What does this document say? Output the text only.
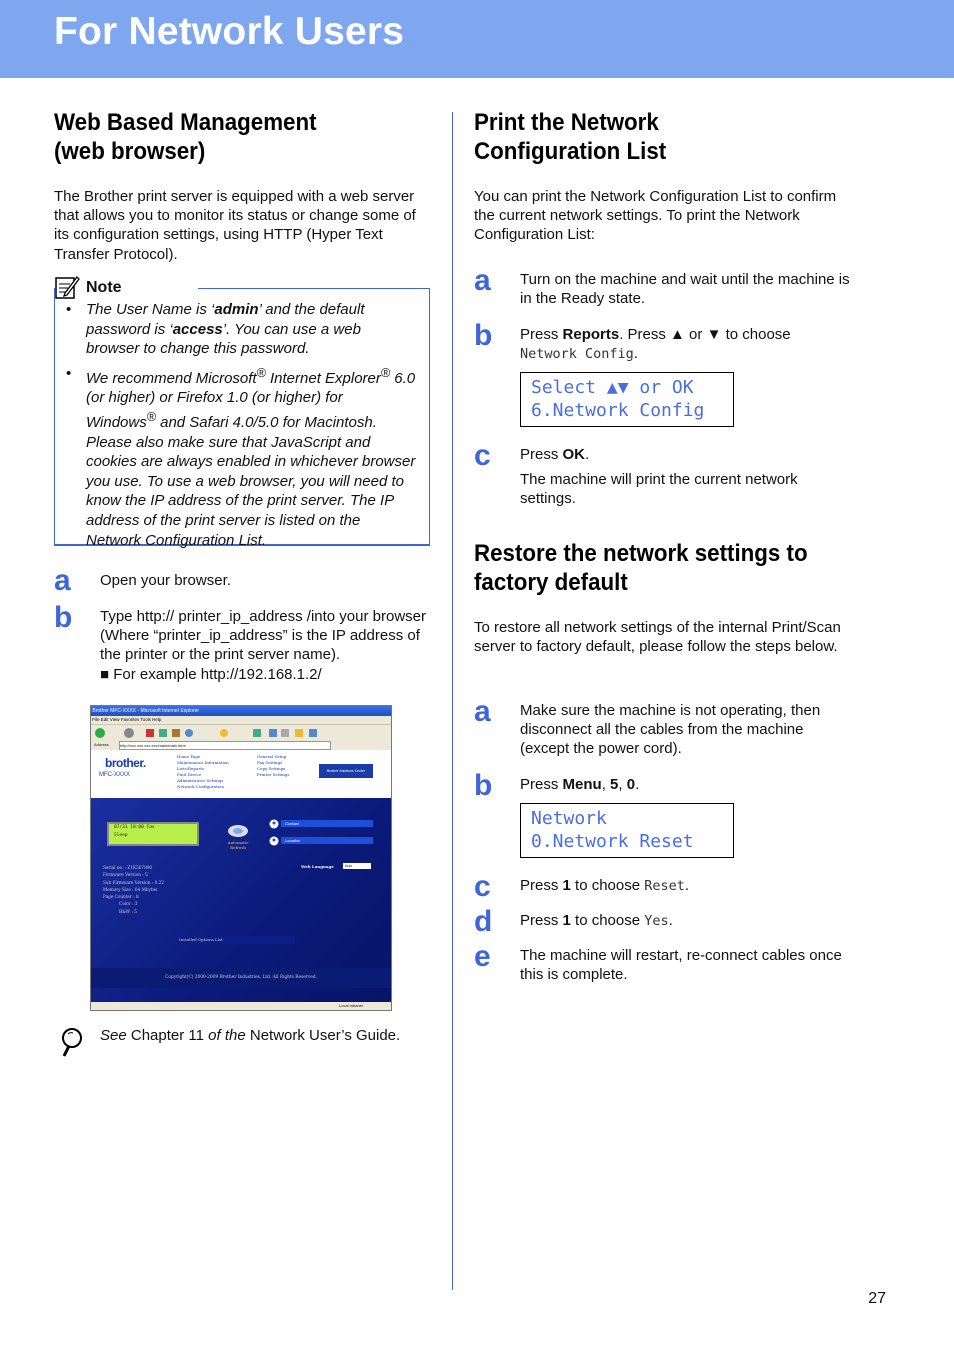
For Network Users
Web Based Management
(web browser)

The Brother print server is equipped with a web server that allows you to monitor its status or change some of its configuration settings, using HTTP (Hyper Text Transfer Protocol).

Note
• The User Name is ‘admin’ and the default password is ‘access’. You can use a web browser to change this password.
• We recommend Microsoft® Internet Explorer® 6.0 (or higher) or Firefox 1.0 (or higher) for Windows® and Safari 4.0/5.0 for Macintosh. Please also make sure that JavaScript and cookies are always enabled in whichever browser you use. To use a web browser, you will need to know the IP address of the print server. The IP address of the print server is listed on the Network Configuration List.
a Open your browser.
b Type http:// printer_ip_address /into your browser (Where “printer_ip_address” is the IP address of the printer or the print server name).
■ For example http://192.168.1.2/
Brother MFC-XXXX - Microsoft Internet Explorer
File Edit View Favorites Tools Help
Address	http://xxx.xxx.xxx.xxx/main/main.html
brother.
MFC-XXXX
Home Page
Maintenance Information
Lists/Reports
Find Device
Administrator Settings
Network Configuration
General Setup
Fax Settings
Copy Settings
Printer Settings
Brother Solutions Center
07/31 10:00 Fax
Sleep
Automatic Refresh
Contact
Location
Web Language	Auto
Serial no. : Z1K567890
Firmware Version : U
Sub Firmware Version : 0.22
Memory Size : 64 Mbytes
Page Counter : 8
Color : 3
B&W : 5
Installed Options List
Copyright(C) 2000-2009 Brother Industries, Ltd. All Rights Reserved.
Local intranet
See Chapter 11 of the Network User’s Guide.
Print the Network
Configuration List

You can print the Network Configuration List to confirm the current network settings. To print the Network Configuration List:

a Turn on the machine and wait until the machine is in the Ready state.
b Press Reports. Press ▲ or ▼ to choose
Network Config.
Select ▲▼ or OK
6.Network Config
c Press OK.
The machine will print the current network settings.
Restore the network settings to
factory default

To restore all network settings of the internal Print/Scan server to factory default, please follow the steps below.

a Make sure the machine is not operating, then disconnect all the cables from the machine (except the power cord).
b Press Menu, 5, 0.
Network
0.Network Reset
c Press 1 to choose Reset.
d Press 1 to choose Yes.
e The machine will restart, re-connect cables once this is complete.
27
